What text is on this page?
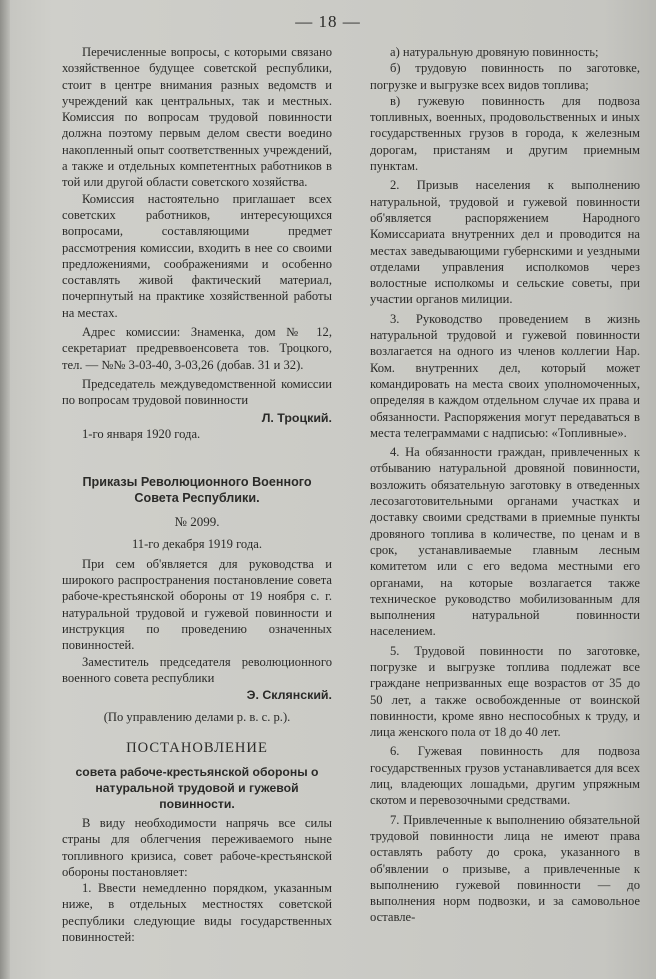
— 18 —

Перечисленные вопросы, с которыми связано хозяйственное будущее советской республики, стоит в центре внимания разных ведомств и учреждений как центральных, так и местных. Комиссия по вопросам трудовой повинности должна поэтому первым делом свести воедино накопленный опыт соответственных учреждений, а также и отдельных компетентных работников в той или другой области советского хозяйства.

Комиссия настоятельно приглашает всех советских работников, интересующихся вопросами, составляющими предмет рассмотрения комиссии, входить в нее со своими предложениями, соображениями и особенно составлять живой фактический материал, почерпнутый на практике хозяйственной работы на местах.

Адрес комиссии: Знаменка, дом № 12, секретариат предреввоенсовета тов. Троцкого, тел. — №№ 3-03-40, 3-03,26 (добав. 31 и 32).

Председатель междуведомственной комиссии по вопросам трудовой повинности

Л. Троцкий.

1-го января 1920 года.

Приказы Революционного Военного Совета Республики.
№ 2099.
11-го декабря 1919 года.

При сем об'является для руководства и широкого распространения постановление совета рабоче-крестьянской обороны от 19 ноября с. г. натуральной трудовой и гужевой повинности и инструкция по проведению означенных повинностей.

Заместитель председателя революционного военного совета республики

Э. Склянский.
(По управлению делами р. в. с. р.).
ПОСТАНОВЛЕНИЕ
совета рабоче-крестьянской обороны о натуральной трудовой и гужевой повинности.

В виду необходимости напрячь все силы страны для облегчения переживаемого ныне топливного кризиса, совет рабоче-крестьянской обороны постановляет:

1. Ввести немедленно порядком, указанным ниже, в отдельных местностях советской республики следующие виды государственных повинностей:

а) натуральную дровяную повинность;

б) трудовую повинность по заготовке, погрузке и выгрузке всех видов топлива;

в) гужевую повинность для подвоза топливных, военных, продовольственных и иных государственных грузов в города, к железным дорогам, пристаням и другим приемным пунктам.

2. Призыв населения к выполнению натуральной, трудовой и гужевой повинности об'является распоряжением Народного Комиссариата внутренних дел и проводится на местах заведывающими губернскими и уездными отделами управления исполкомов через волостные исполкомы и сельские советы, при участии органов милиции.

3. Руководство проведением в жизнь натуральной трудовой и гужевой повинности возлагается на одного из членов коллегии Нар. Ком. внутренних дел, который может командировать на места своих уполномоченных, определяя в каждом отдельном случае их права и обязанности. Распоряжения могут передаваться в места телеграммами с надписью: «Топливные».

4. На обязанности граждан, привлеченных к отбыванию натуральной дровяной повинности, возложить обязательную заготовку в отведенных лесозаготовительными органами участках и доставку своими средствами в приемные пункты дровяного топлива в количестве, по ценам и в срок, устанавливаемые главным лесным комитетом или с его ведома местными его органами, на которые возлагается также техническое руководство мобилизованным для выполнения натуральной повинности населением.

5. Трудовой повинности по заготовке, погрузке и выгрузке топлива подлежат все граждане непризванных еще возрастов от 35 до 50 лет, а также освобожденные от воинской повинности, кроме явно неспособных к труду, и лица женского пола от 18 до 40 лет.

6. Гужевая повинность для подвоза государственных грузов устанавливается для всех лиц, владеющих лошадьми, другим упряжным скотом и перевозочными средствами.

7. Привлеченные к выполнению обязательной трудовой повинности лица не имеют права оставлять работу до срока, указанного в об'явлении о призыве, а привлеченные к выполнению гужевой повинности — до выполнения норм подвозки, и за самовольное оставле-
